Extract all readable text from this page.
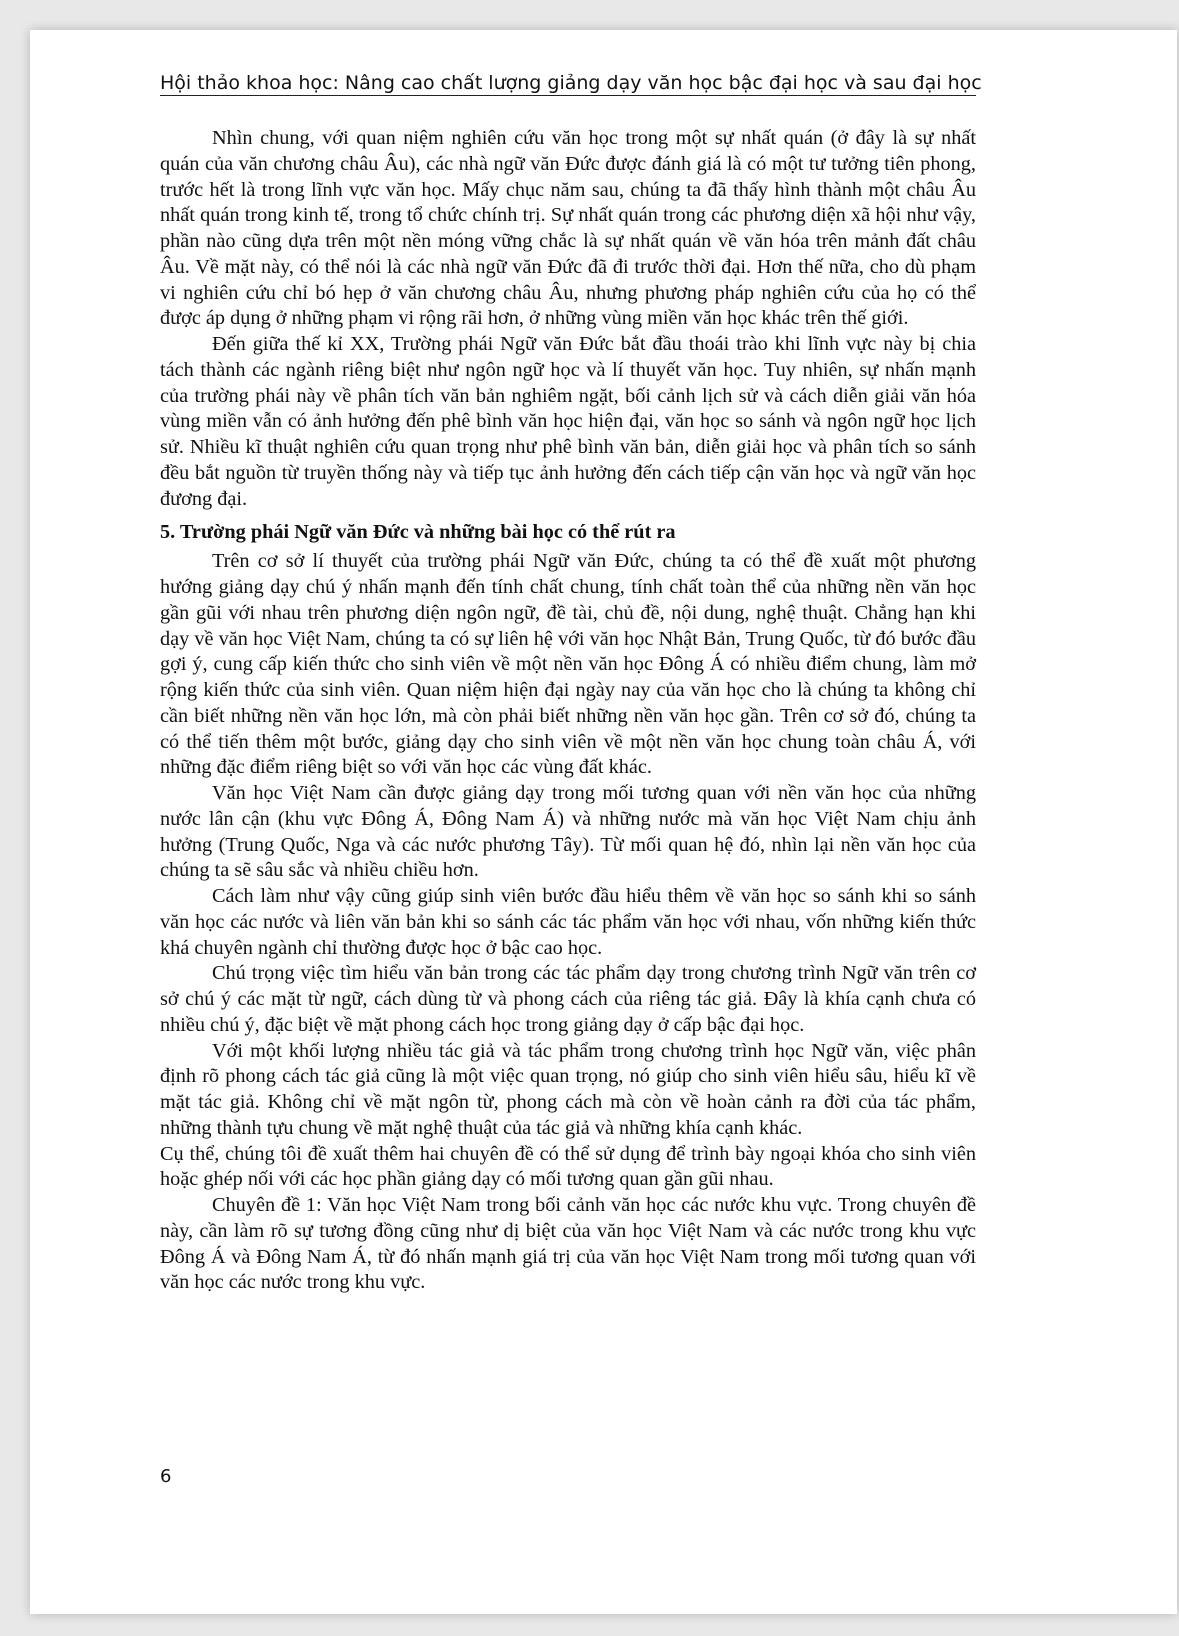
Hội thảo khoa học: Nâng cao chất lượng giảng dạy văn học bậc đại học và sau đại học

Nhìn chung, với quan niệm nghiên cứu văn học trong một sự nhất quán (ở đây là sự nhất quán của văn chương châu Âu), các nhà ngữ văn Đức được đánh giá là có một tư tưởng tiên phong, trước hết là trong lĩnh vực văn học. Mấy chục năm sau, chúng ta đã thấy hình thành một châu Âu nhất quán trong kinh tế, trong tổ chức chính trị. Sự nhất quán trong các phương diện xã hội như vậy, phần nào cũng dựa trên một nền móng vững chắc là sự nhất quán về văn hóa trên mảnh đất châu Âu. Về mặt này, có thể nói là các nhà ngữ văn Đức đã đi trước thời đại. Hơn thế nữa, cho dù phạm vi nghiên cứu chỉ bó hẹp ở văn chương châu Âu, nhưng phương pháp nghiên cứu của họ có thể được áp dụng ở những phạm vi rộng rãi hơn, ở những vùng miền văn học khác trên thế giới.

Đến giữa thế kỉ XX, Trường phái Ngữ văn Đức bắt đầu thoái trào khi lĩnh vực này bị chia tách thành các ngành riêng biệt như ngôn ngữ học và lí thuyết văn học. Tuy nhiên, sự nhấn mạnh của trường phái này về phân tích văn bản nghiêm ngặt, bối cảnh lịch sử và cách diễn giải văn hóa vùng miền vẫn có ảnh hưởng đến phê bình văn học hiện đại, văn học so sánh và ngôn ngữ học lịch sử. Nhiều kĩ thuật nghiên cứu quan trọng như phê bình văn bản, diễn giải học và phân tích so sánh đều bắt nguồn từ truyền thống này và tiếp tục ảnh hưởng đến cách tiếp cận văn học và ngữ văn học đương đại.

5. Trường phái Ngữ văn Đức và những bài học có thể rút ra

Trên cơ sở lí thuyết của trường phái Ngữ văn Đức, chúng ta có thể đề xuất một phương hướng giảng dạy chú ý nhấn mạnh đến tính chất chung, tính chất toàn thể của những nền văn học gần gũi với nhau trên phương diện ngôn ngữ, đề tài, chủ đề, nội dung, nghệ thuật. Chẳng hạn khi dạy về văn học Việt Nam, chúng ta có sự liên hệ với văn học Nhật Bản, Trung Quốc, từ đó bước đầu gợi ý, cung cấp kiến thức cho sinh viên về một nền văn học Đông Á có nhiều điểm chung, làm mở rộng kiến thức của sinh viên. Quan niệm hiện đại ngày nay của văn học cho là chúng ta không chỉ cần biết những nền văn học lớn, mà còn phải biết những nền văn học gần. Trên cơ sở đó, chúng ta có thể tiến thêm một bước, giảng dạy cho sinh viên về một nền văn học chung toàn châu Á, với những đặc điểm riêng biệt so với văn học các vùng đất khác.

Văn học Việt Nam cần được giảng dạy trong mối tương quan với nền văn học của những nước lân cận (khu vực Đông Á, Đông Nam Á) và những nước mà văn học Việt Nam chịu ảnh hưởng (Trung Quốc, Nga và các nước phương Tây). Từ mối quan hệ đó, nhìn lại nền văn học của chúng ta sẽ sâu sắc và nhiều chiều hơn.

Cách làm như vậy cũng giúp sinh viên bước đầu hiểu thêm về văn học so sánh khi so sánh văn học các nước và liên văn bản khi so sánh các tác phẩm văn học với nhau, vốn những kiến thức khá chuyên ngành chỉ thường được học ở bậc cao học.

Chú trọng việc tìm hiểu văn bản trong các tác phẩm dạy trong chương trình Ngữ văn trên cơ sở chú ý các mặt từ ngữ, cách dùng từ và phong cách của riêng tác giả. Đây là khía cạnh chưa có nhiều chú ý, đặc biệt về mặt phong cách học trong giảng dạy ở cấp bậc đại học.

Với một khối lượng nhiều tác giả và tác phẩm trong chương trình học Ngữ văn, việc phân định rõ phong cách tác giả cũng là một việc quan trọng, nó giúp cho sinh viên hiểu sâu, hiểu kĩ về mặt tác giả. Không chỉ về mặt ngôn từ, phong cách mà còn về hoàn cảnh ra đời của tác phẩm, những thành tựu chung về mặt nghệ thuật của tác giả và những khía cạnh khác.

Cụ thể, chúng tôi đề xuất thêm hai chuyên đề có thể sử dụng để trình bày ngoại khóa cho sinh viên hoặc ghép nối với các học phần giảng dạy có mối tương quan gần gũi nhau.

Chuyên đề 1: Văn học Việt Nam trong bối cảnh văn học các nước khu vực. Trong chuyên đề này, cần làm rõ sự tương đồng cũng như dị biệt của văn học Việt Nam và các nước trong khu vực Đông Á và Đông Nam Á, từ đó nhấn mạnh giá trị của văn học Việt Nam trong mối tương quan với văn học các nước trong khu vực.

6
